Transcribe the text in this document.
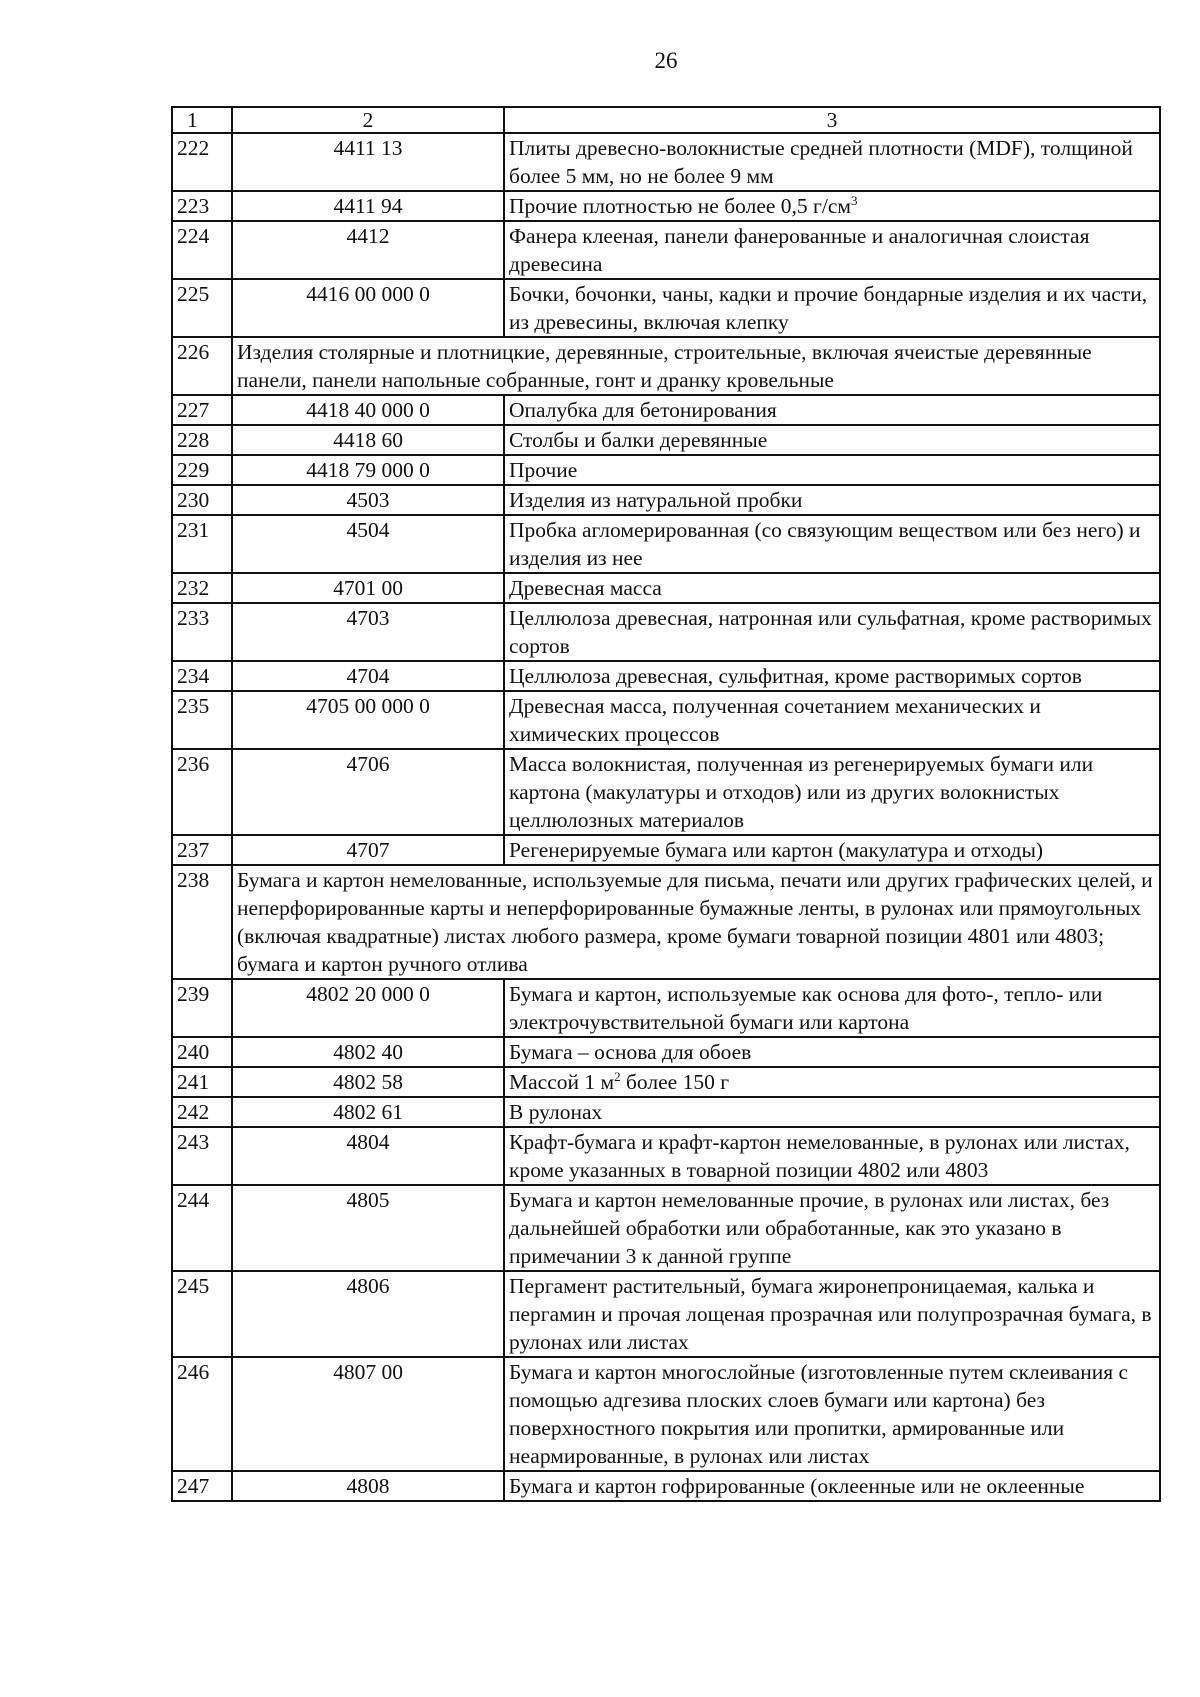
26
1	2	3
222	4411 13	Плиты древесно-волокнистые средней плотности (MDF), толщиной более 5 мм, но не более 9 мм
223	4411 94	Прочие плотностью не более 0,5 $г/см^3$
224	4412	Фанера клееная, панели фанерованные и аналогичная слоистая древесина
225	4416 00 000 0	Бочки, бочонки, чаны, кадки и прочие бондарные изделия и их части, из древесины, включая клепку
226	Изделия столярные и плотницкие, деревянные, строительные, включая ячеистые деревянные панели, панели напольные собранные, гонт и дранку кровельные	
227	4418 40 000 0	Опалубка для бетонирования
228	4418 60	Столбы и балки деревянные
229	4418 79 000 0	Прочие
230	4503	Изделия из натуральной пробки
231	4504	Пробка агломерированная (со связующим веществом или без него) и изделия из нее
232	4701 00	Древесная масса
233	4703	Целлюлоза древесная, натронная или сульфатная, кроме растворимых сортов
234	4704	Целлюлоза древесная, сульфитная, кроме растворимых сортов
235	4705 00 000 0	Древесная масса, полученная сочетанием механических и химических процессов
236	4706	Масса волокнистая, полученная из регенерируемых бумаги или картона (макулатуры и отходов) или из других волокнистых целлюлозных материалов
237	4707	Регенерируемые бумага или картон (макулатура и отходы)
238	Бумага и картон немелованные, используемые для письма, печати или других графических целей, и неперфорированные карты и неперфорированные бумажные ленты, в рулонах или прямоугольных (включая квадратные) листах любого размера, кроме бумаги товарной позиции 4801 или 4803; бумага и картон ручного отлива	
239	4802 20 000 0	Бумага и картон, используемые как основа для фото-, тепло- или электрочувствительной бумаги или картона
240	4802 40	Бумага – основа для обоев
241	4802 58	Массой 1 $м^2$ более 150 г
242	4802 61	В рулонах
243	4804	Крафт-бумага и крафт-картон немелованные, в рулонах или листах, кроме указанных в товарной позиции 4802 или 4803
244	4805	Бумага и картон немелованные прочие, в рулонах или листах, без дальнейшей обработки или обработанные, как это указано в примечании 3 к данной группе
245	4806	Пергамент растительный, бумага жиронепроницаемая, калька и пергамин и прочая лощеная прозрачная или полупрозрачная бумага, в рулонах или листах
246	4807 00	Бумага и картон многослойные (изготовленные путем склеивания с помощью адгезива плоских слоев бумаги или картона) без поверхностного покрытия или пропитки, армированные или неармированные, в рулонах или листах
247	4808	Бумага и картон гофрированные (оклеенные или не оклеенные
